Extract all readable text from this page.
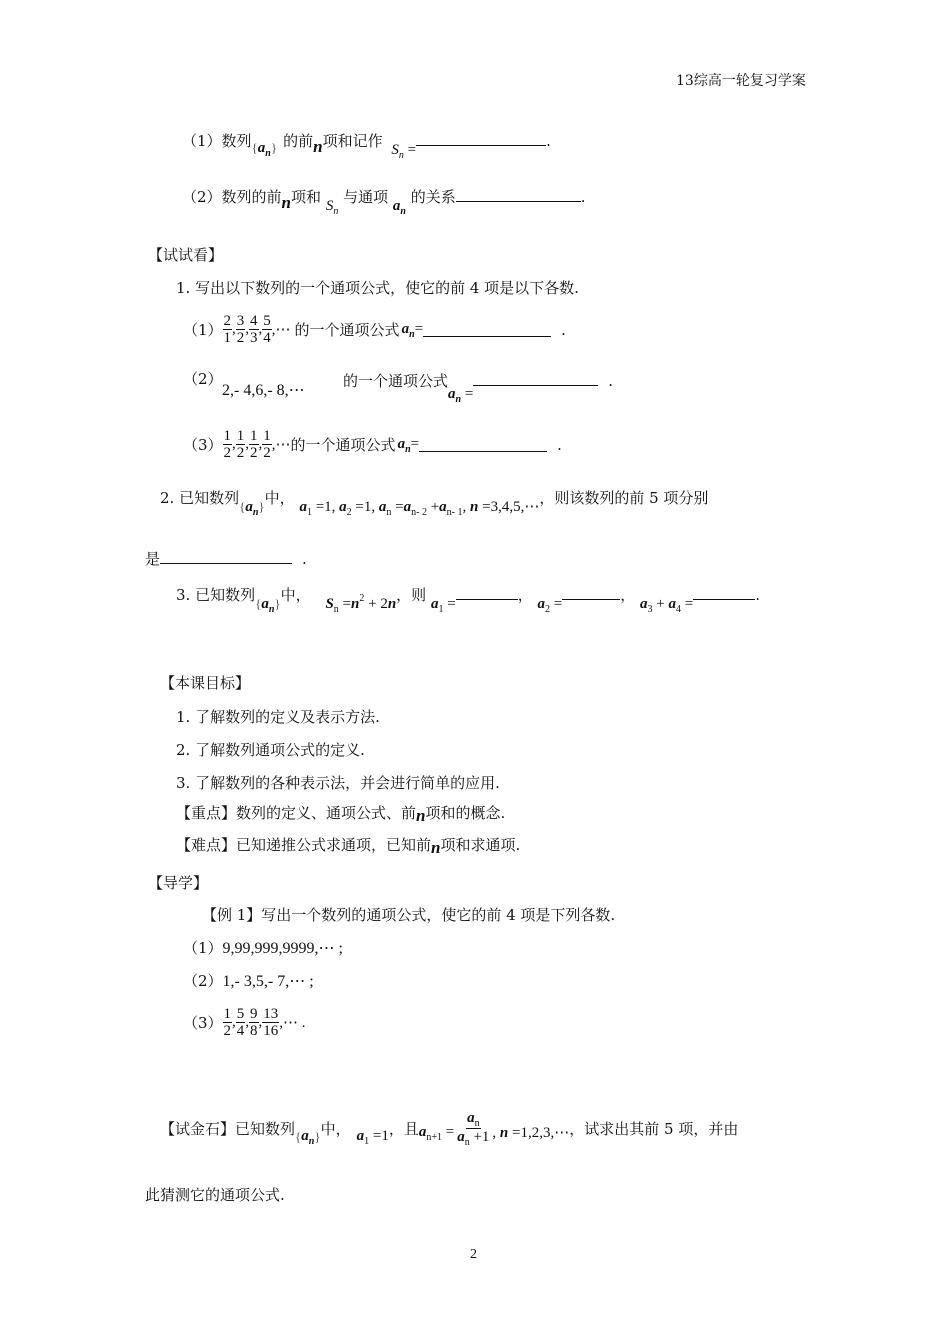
13综高一轮复习学案
（1）数列$\{a_n\}$ 的前n项和记作 $S_n$ =	.
（2）数列的前n项和 $S_n$ 与通项 $a_n$ 的关系	.
【试试看】
1. 写出以下数列的一个通项公式，使它的前 4 项是以下各数.
$(1) \frac{2}{1}$ , $\frac{3}{2}$ , $\frac{4}{3}$ , $\frac{5}{4}$ ,⋯ 的一个通项公式 $a_n$ =	.
（2）
2,- 4,6,- 8,⋯
的一个通项公式$a_n$ =.
$(3) \frac{1}{2}$ , $\frac{1}{2}$ , $\frac{1}{2}$ , $\frac{1}{2}$ ,⋯ 的一个通项公式 $a_n$ =	.
2. 已知数列$\{a_n\}$中， $a_1 =1$, $a_2 =1$, $a_n =a_{n- 2} +a_{n- 1}$, n =3,4,5,⋯，则该数列的前 5 项分别
是	.
3. 已知数列$\{a_n\}$中， $S_n =n^2 + 2n$，则 $a_1$ =	， $a_2$ =	， $a_3 + a_4$ =	.
【本课目标】
1. 了解数列的定义及表示方法.
2. 了解数列通项公式的定义.
3. 了解数列的各种表示法，并会进行简单的应用.
【重点】数列的定义、通项公式、前n项和的概念.
【难点】已知递推公式求通项，已知前n项和求通项.
【导学】
【例 1】写出一个数列的通项公式，使它的前 4 项是下列各数.
（1）9,99,999,9999,⋯ ;
（2）1,- 3,5,- 7,⋯ ;
$(3) \frac{1}{2}$ , $\frac{5}{4}$ , $\frac{9}{8}$ , $\frac{13}{16}$ ,⋯ .
【试金石】 已知数列 { $a_n$ } 中， $a_1 =1$ ，且 $a_{n+1} = \frac{a_n}{a_n +1}$ , n =1,2,3,⋯ ，试求出其前 5 项，并由
此猜测它的通项公式.
2
